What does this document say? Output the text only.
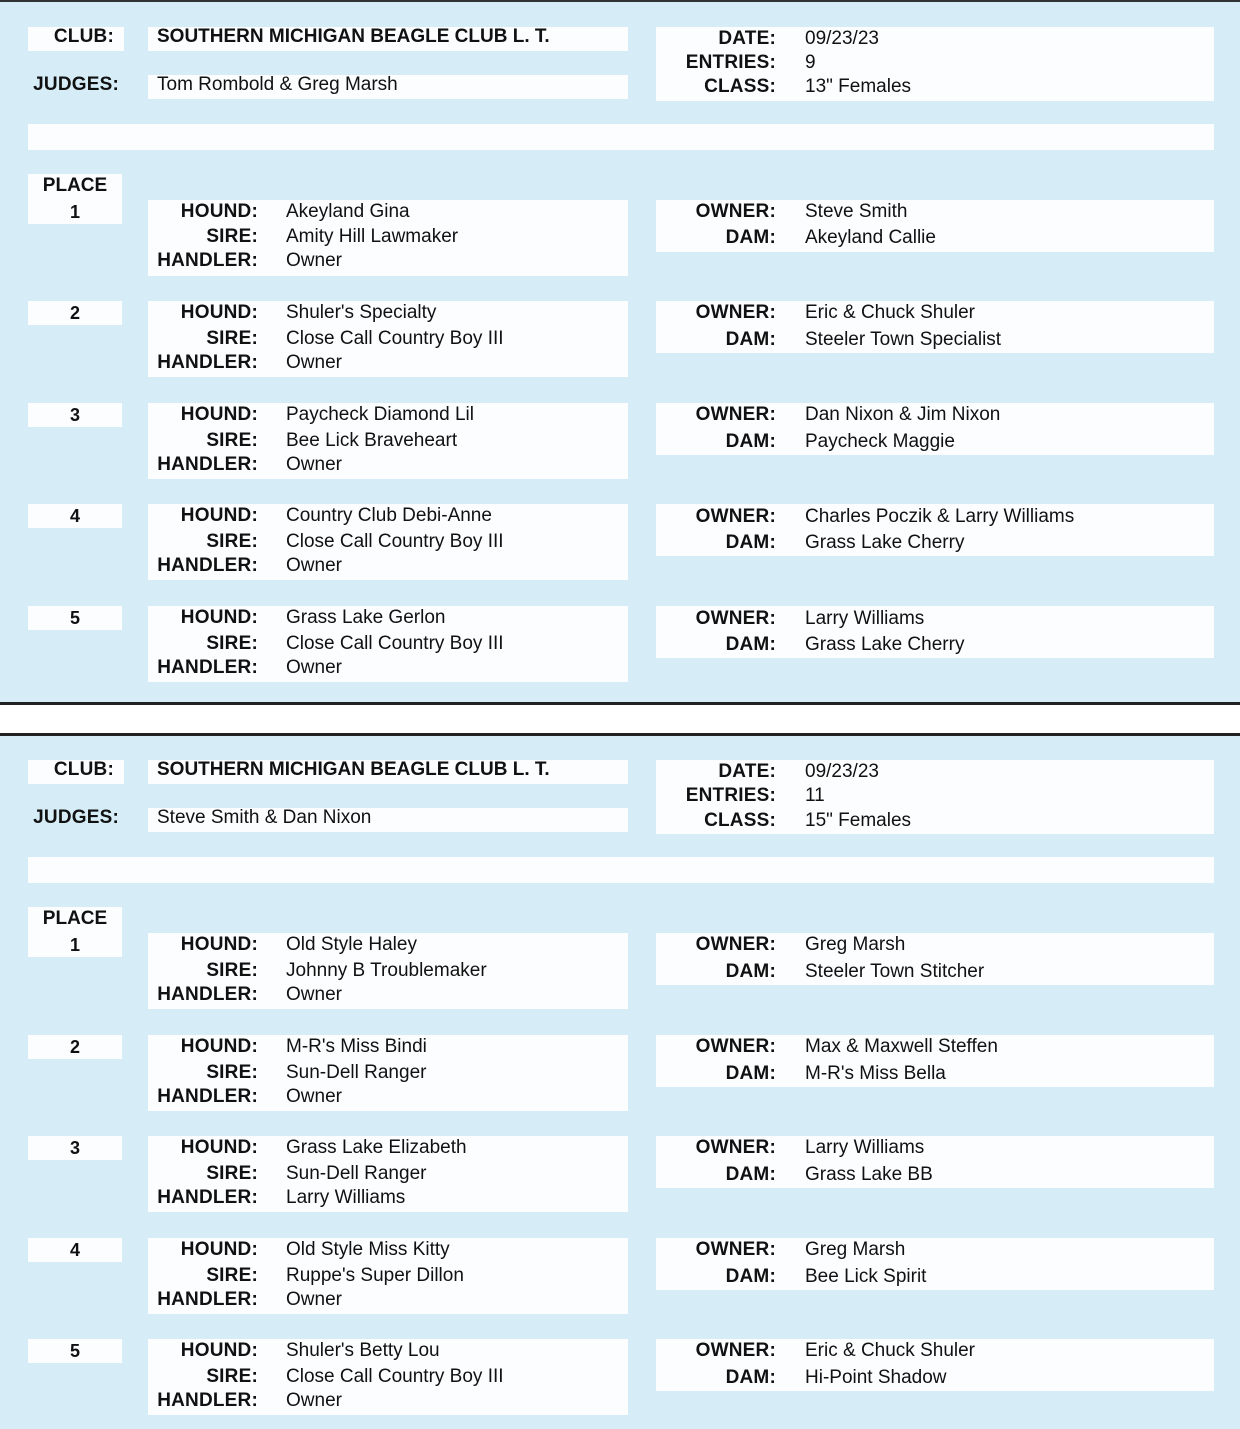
CLUB: SOUTHERN MICHIGAN BEAGLE CLUB L. T.
JUDGES: Tom Rombold & Greg Marsh
DATE: 09/23/23
ENTRIES: 9
CLASS: 13" Females
PLACE
1	HOUND: Akeyland Gina
SIRE: Amity Hill Lawmaker
HANDLER: Owner
OWNER: Steve Smith
DAM: Akeyland Callie
2	HOUND: Shuler's Specialty
SIRE: Close Call Country Boy III
HANDLER: Owner
OWNER: Eric & Chuck Shuler
DAM: Steeler Town Specialist
3	HOUND: Paycheck Diamond Lil
SIRE: Bee Lick Braveheart
HANDLER: Owner
OWNER: Dan Nixon & Jim Nixon
DAM: Paycheck Maggie
4	HOUND: Country Club Debi-Anne
SIRE: Close Call Country Boy III
HANDLER: Owner
OWNER: Charles Poczik & Larry Williams
DAM: Grass Lake Cherry
5	HOUND: Grass Lake Gerlon
SIRE: Close Call Country Boy III
HANDLER: Owner
OWNER: Larry Williams
DAM: Grass Lake Cherry
CLUB: SOUTHERN MICHIGAN BEAGLE CLUB L. T.
JUDGES: Steve Smith & Dan Nixon
DATE: 09/23/23
ENTRIES: 11
CLASS: 15" Females
PLACE
1	HOUND: Old Style Haley
SIRE: Johnny B Troublemaker
HANDLER: Owner
OWNER: Greg Marsh
DAM: Steeler Town Stitcher
2	HOUND: M-R's Miss Bindi
SIRE: Sun-Dell Ranger
HANDLER: Owner
OWNER: Max & Maxwell Steffen
DAM: M-R's Miss Bella
3	HOUND: Grass Lake Elizabeth
SIRE: Sun-Dell Ranger
HANDLER: Larry Williams
OWNER: Larry Williams
DAM: Grass Lake BB
4	HOUND: Old Style Miss Kitty
SIRE: Ruppe's Super Dillon
HANDLER: Owner
OWNER: Greg Marsh
DAM: Bee Lick Spirit
5	HOUND: Shuler's Betty Lou
SIRE: Close Call Country Boy III
HANDLER: Owner
OWNER: Eric & Chuck Shuler
DAM: Hi-Point Shadow
